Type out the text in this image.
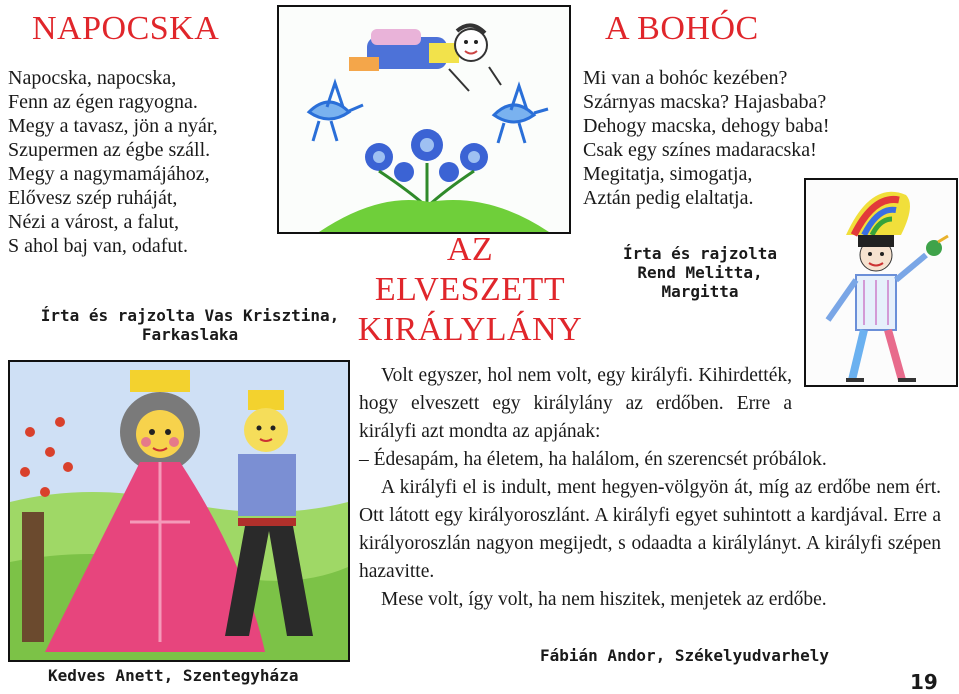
NAPOCSKA
Napocska, napocska,
Fenn az égen ragyogna.
Megy a tavasz, jön a nyár,
Szupermen az égbe száll.
Megy a nagymamájához,
Elővesz szép ruháját,
Nézi a várost, a falut,
S ahol baj van, odafut.
Írta és rajzolta Vas Krisztina,
Farkaslaka
A BOHÓC
Mi van a bohóc kezében?
Szárnyas macska? Hajasbaba?
Dehogy macska, dehogy baba!
Csak egy színes madaracska!
Megitatja, simogatja,
Aztán pedig elaltatja.
Írta és rajzolta
Rend Melitta,
Margitta
AZ
ELVESZETT
KIRÁLYLÁNY
Kedves Anett, Szentegyháza

Volt egyszer, hol nem volt, egy királyfi. Kihirdették, hogy elveszett egy királylány az erdőben. Erre a királyfi azt mondta az apjának:

– Édesapám, ha életem, ha halálom, én szerencsét próbálok.

A királyfi el is indult, ment hegyen-völgyön át, míg az erdőbe nem ért. Ott látott egy királyoroszlánt. A királyfi egyet suhintott a kardjával. Erre a királyoroszlán nagyon megijedt, s odaadta a királylányt. A királyfi szépen hazavitte.

Mese volt, így volt, ha nem hiszitek, menjetek az erdőbe.

Fábián Andor, Székelyudvarhely
19
